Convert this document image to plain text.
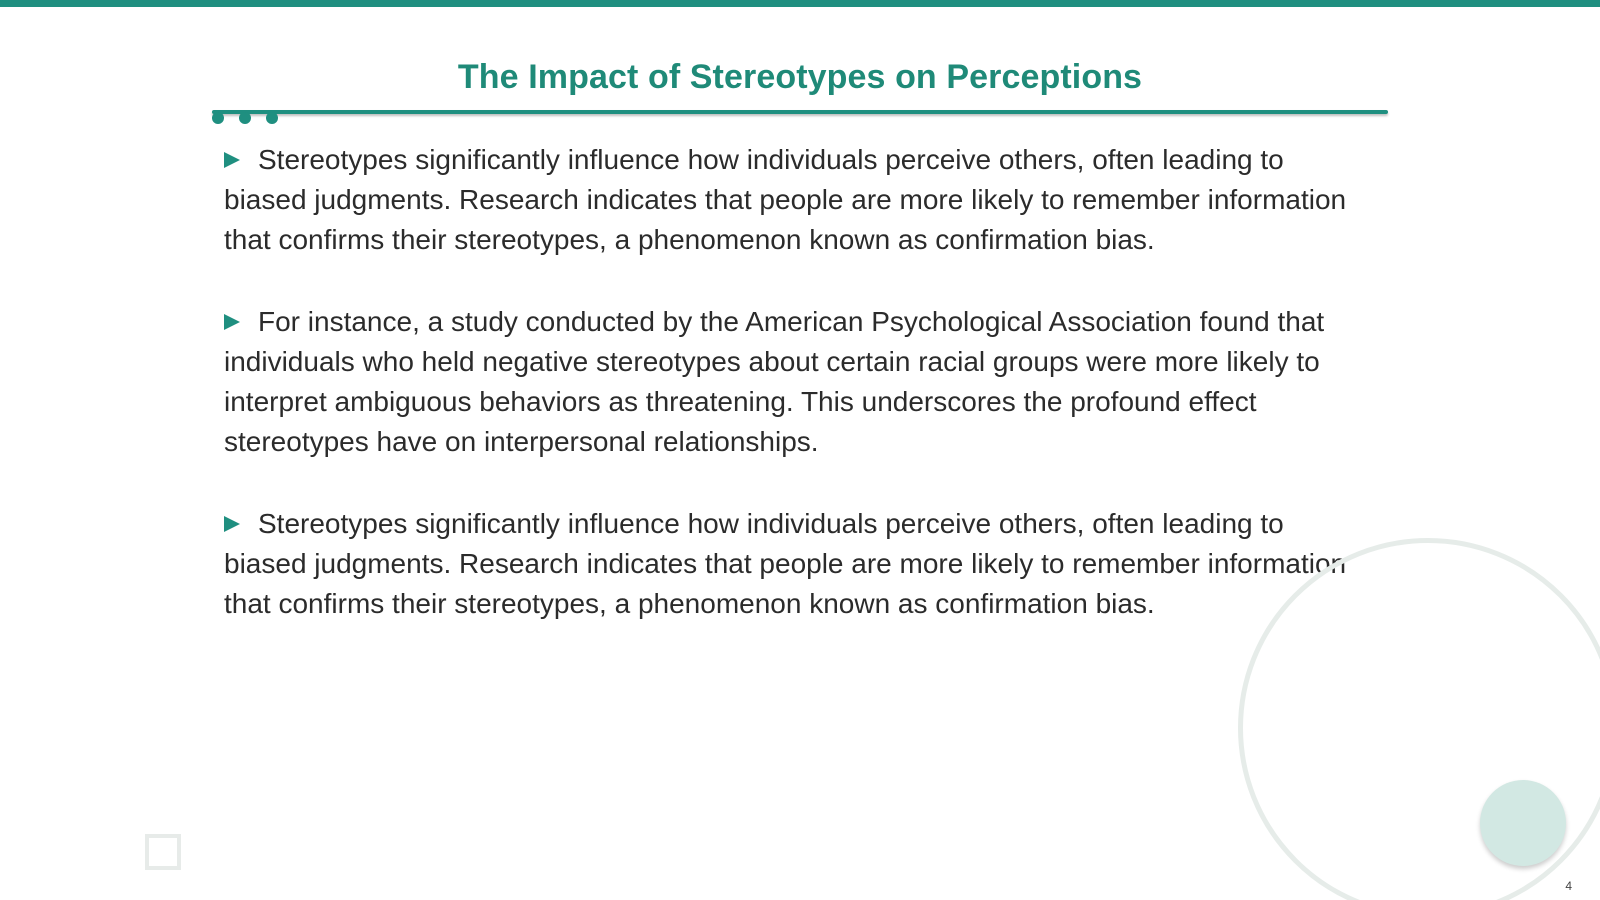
The Impact of Stereotypes on Perceptions

Stereotypes significantly influence how individuals perceive others, often leading to biased judgments. Research indicates that people are more likely to remember information that confirms their stereotypes, a phenomenon known as confirmation bias.

For instance, a study conducted by the American Psychological Association found that individuals who held negative stereotypes about certain racial groups were more likely to interpret ambiguous behaviors as threatening. This underscores the profound effect stereotypes have on interpersonal relationships.

Stereotypes significantly influence how individuals perceive others, often leading to biased judgments. Research indicates that people are more likely to remember information that confirms their stereotypes, a phenomenon known as confirmation bias.

4
